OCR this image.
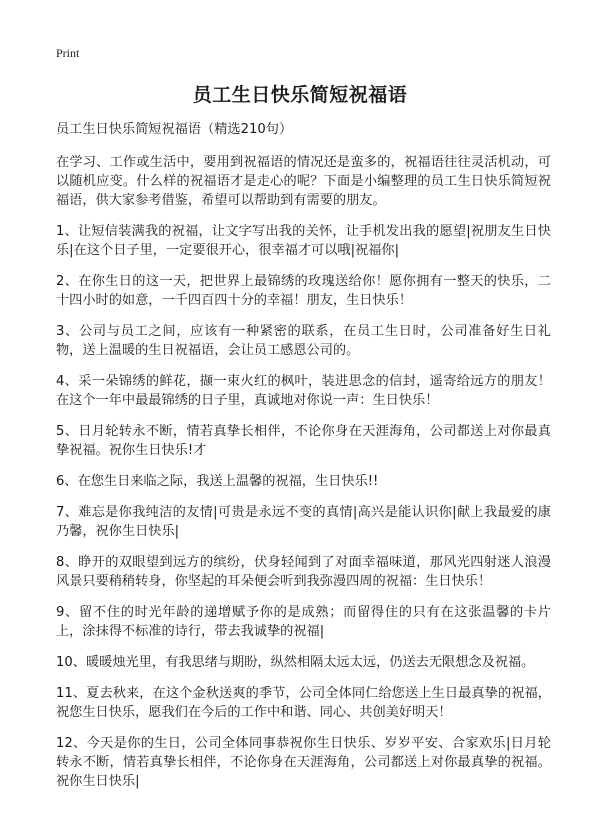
Print
员工生日快乐简短祝福语

员工生日快乐简短祝福语（精选210句）

在学习、工作或生活中，要用到祝福语的情况还是蛮多的，祝福语往往灵活机动，可以随机应变。什么样的祝福语才是走心的呢？下面是小编整理的员工生日快乐简短祝福语，供大家参考借鉴，希望可以帮助到有需要的朋友。

1、让短信装满我的祝福，让文字写出我的关怀，让手机发出我的愿望|祝朋友生日快乐|在这个日子里，一定要很开心，很幸福才可以哦|祝福你|

2、在你生日的这一天，把世界上最锦绣的玫瑰送给你！愿你拥有一整天的快乐，二十四小时的如意，一千四百四十分的幸福！朋友，生日快乐！

3、公司与员工之间，应该有一种紧密的联系，在员工生日时，公司准备好生日礼物，送上温暖的生日祝福语，会让员工感恩公司的。

4、采一朵锦绣的鲜花，撷一束火红的枫叶，装进思念的信封，遥寄给远方的朋友！在这个一年中最最锦绣的日子里，真诚地对你说一声：生日快乐！

5、日月轮转永不断，情若真挚长相伴，不论你身在天涯海角，公司都送上对你最真挚祝福。祝你生日快乐!才

6、在您生日来临之际，我送上温馨的祝福，生日快乐!!

7、难忘是你我纯洁的友情|可贵是永远不变的真情|高兴是能认识你|献上我最爱的康乃馨，祝你生日快乐|

8、睁开的双眼望到远方的缤纷，伏身轻闻到了对面幸福味道，那风光四射迷人浪漫风景只要稍稍转身，你坚起的耳朵便会听到我弥漫四周的祝福：生日快乐！

9、留不住的时光年龄的递增赋予你的是成熟；而留得住的只有在这张温馨的卡片上，涂抹得不标准的诗行，带去我诚挚的祝福|

10、暖暖烛光里，有我思绪与期盼，纵然相隔太远太远，仍送去无限想念及祝福。

11、夏去秋来，在这个金秋送爽的季节，公司全体同仁给您送上生日最真挚的祝福，祝您生日快乐，愿我们在今后的工作中和谐、同心、共创美好明天！

12、今天是你的生日，公司全体同事恭祝你生日快乐、岁岁平安、合家欢乐|日月轮转永不断，情若真挚长相伴，不论你身在天涯海角，公司都送上对你最真挚的祝福。祝你生日快乐|
